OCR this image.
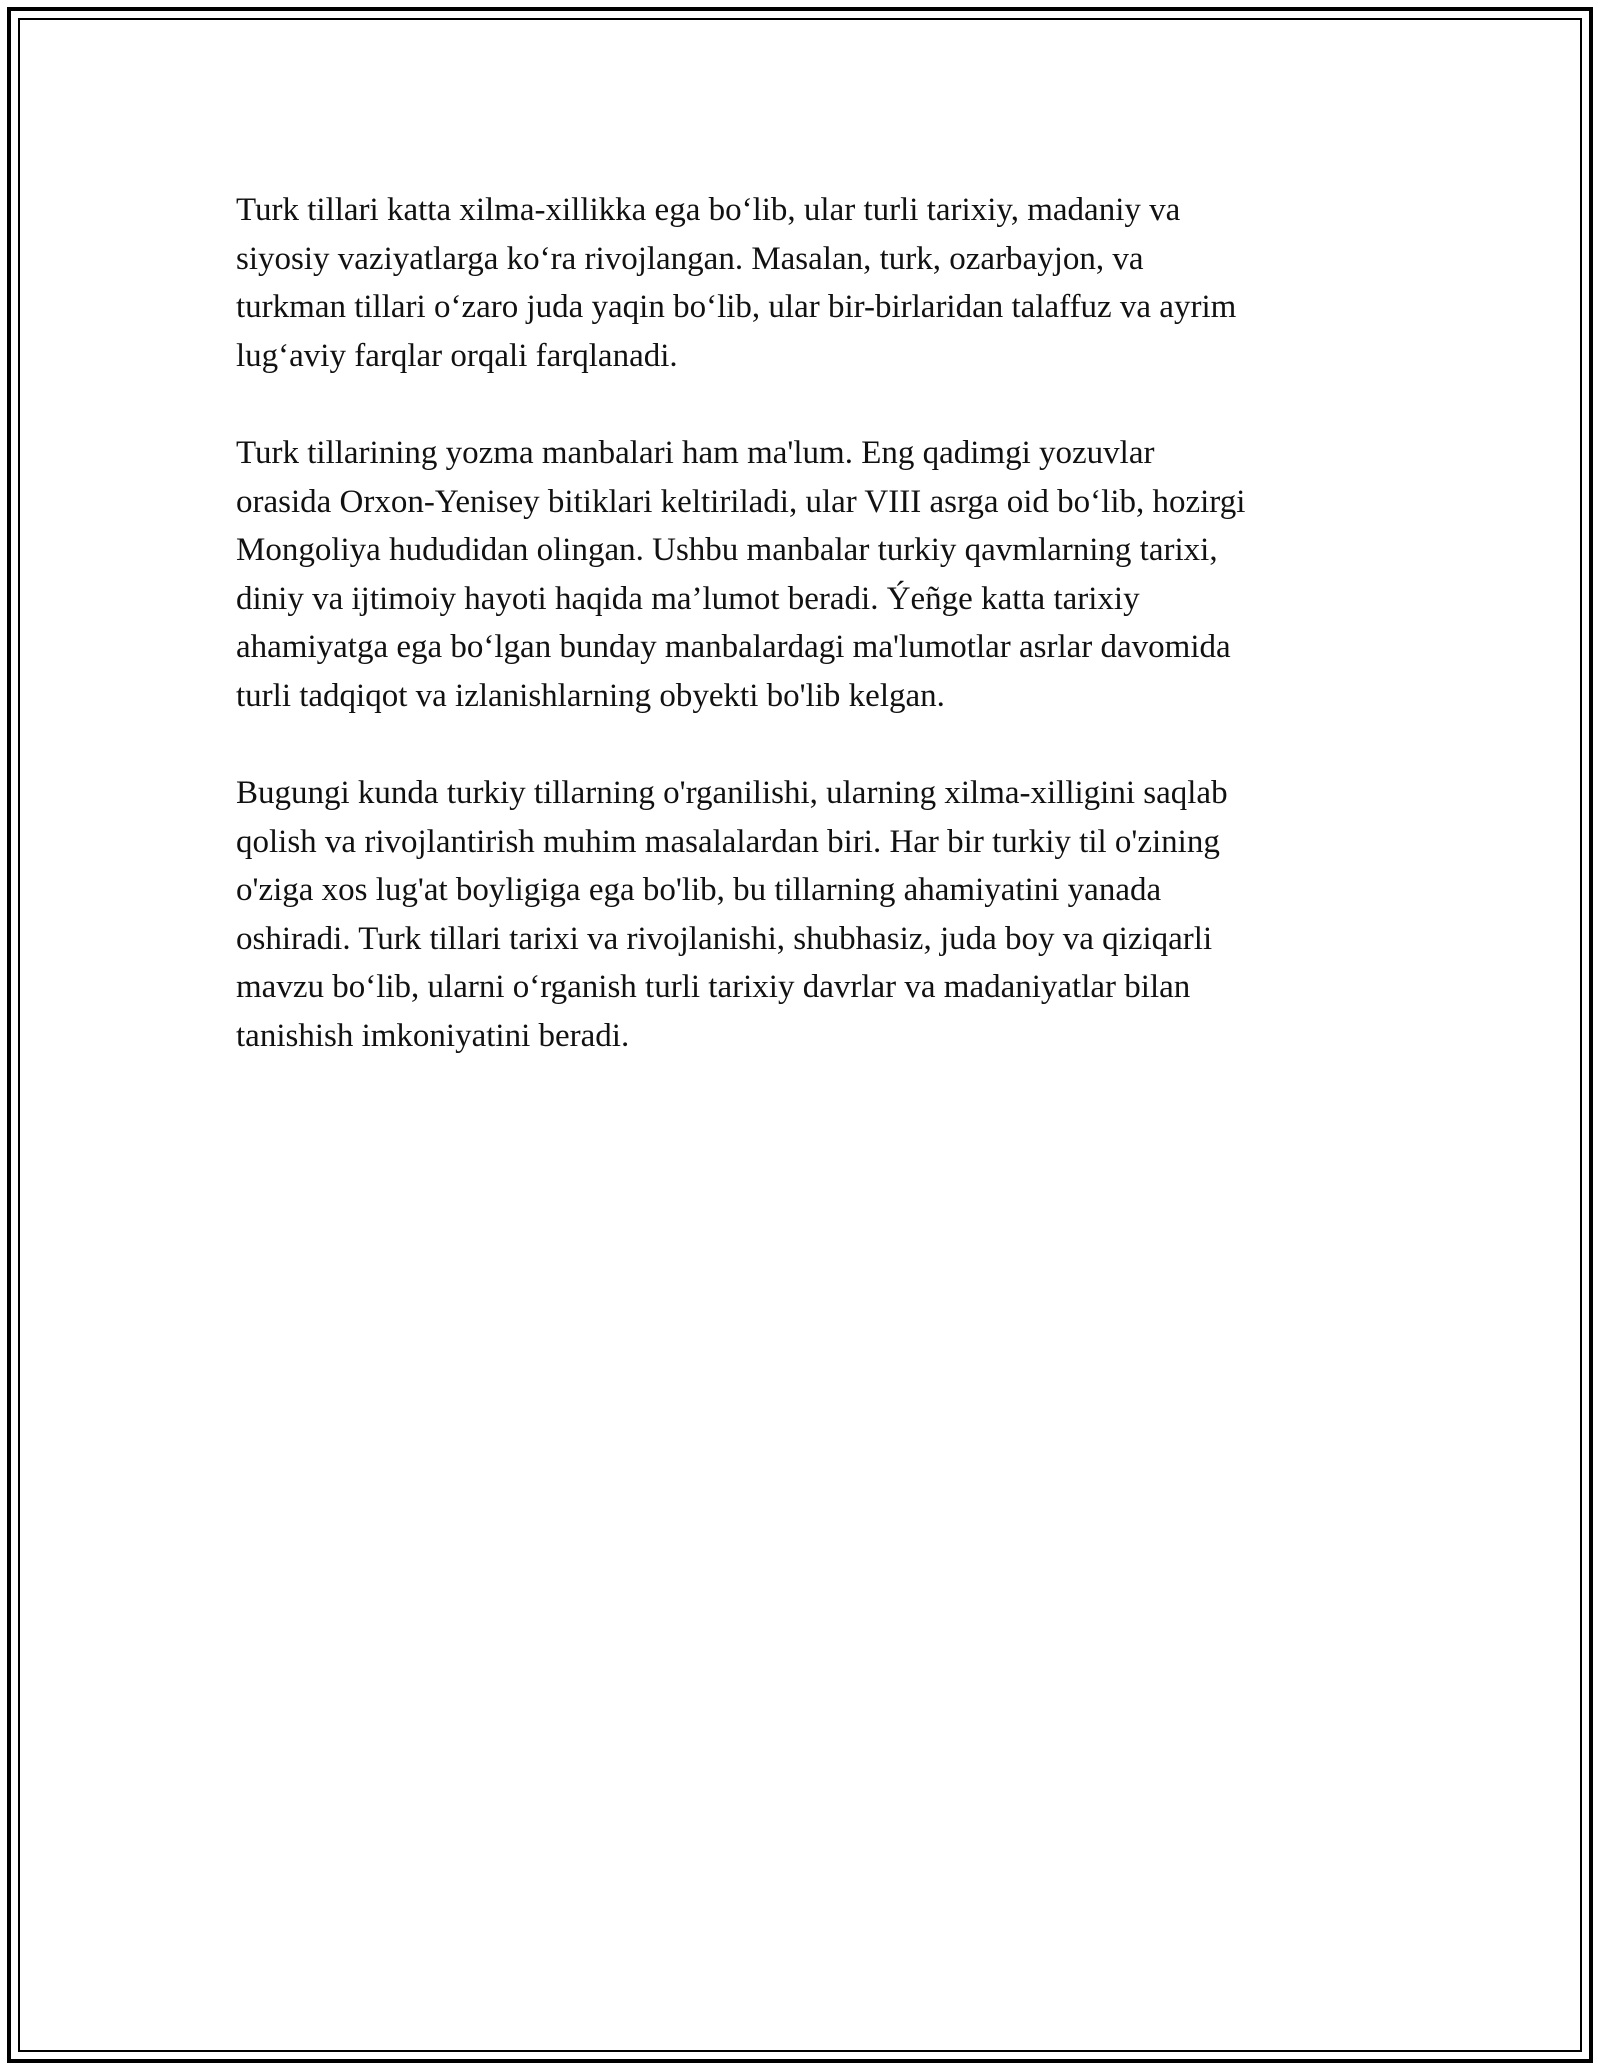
Turk tillari katta xilma-xillikka ega bo‘lib, ular turli tarixiy, madaniy va
siyosiy vaziyatlarga ko‘ra rivojlangan. Masalan, turk, ozarbayjon, va
turkman tillari o‘zaro juda yaqin bo‘lib, ular bir-birlaridan talaffuz va ayrim
lug‘aviy farqlar orqali farqlanadi.

Turk tillarining yozma manbalari ham ma'lum. Eng qadimgi yozuvlar
orasida Orxon-Yenisey bitiklari keltiriladi, ular VIII asrga oid bo‘lib, hozirgi
Mongoliya hududidan olingan. Ushbu manbalar turkiy qavmlarning tarixi,
diniy va ijtimoiy hayoti haqida ma’lumot beradi. Ýeñge katta tarixiy
ahamiyatga ega bo‘lgan bunday manbalardagi ma'lumotlar asrlar davomida
turli tadqiqot va izlanishlarning obyekti bo'lib kelgan.

Bugungi kunda turkiy tillarning o'rganilishi, ularning xilma-xilligini saqlab
qolish va rivojlantirish muhim masalalardan biri. Har bir turkiy til o'zining
o'ziga xos lug'at boyligiga ega bo'lib, bu tillarning ahamiyatini yanada
oshiradi. Turk tillari tarixi va rivojlanishi, shubhasiz, juda boy va qiziqarli
mavzu bo‘lib, ularni o‘rganish turli tarixiy davrlar va madaniyatlar bilan
tanishish imkoniyatini beradi.
